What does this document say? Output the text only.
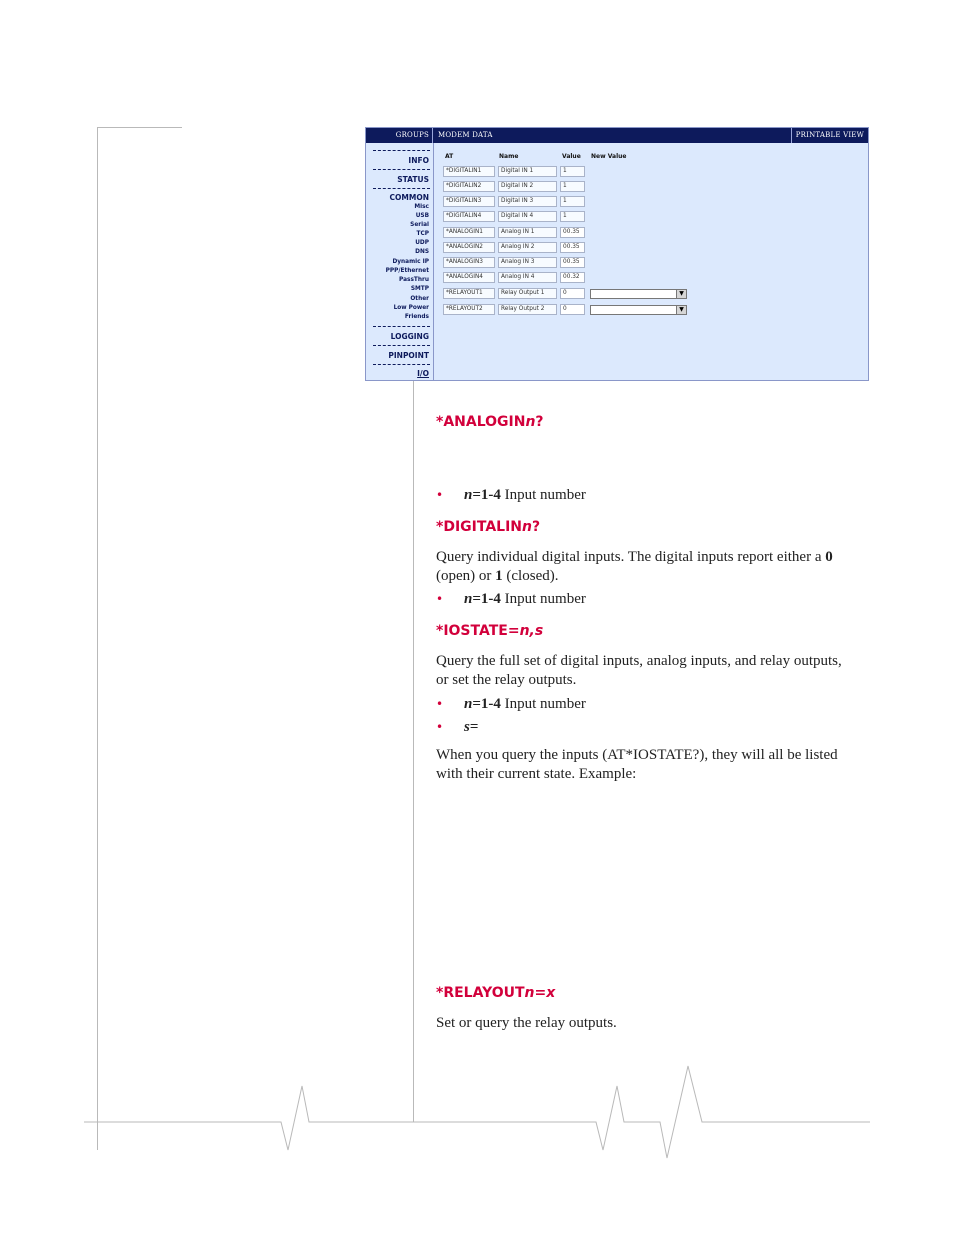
GROUPS	MODEM DATA	PRINTABLE VIEW
INFO
STATUS
COMMON
Misc
USB
Serial
TCP
UDP
DNS
Dynamic IP
PPP/Ethernet
PassThru
SMTP
Other
Low Power
Friends
LOGGING
PINPOINT
I/O
AT	Name	Value New Value
*DIGITALIN1	Digital IN 1	1
*DIGITALIN2	Digital IN 2	1
*DIGITALIN3	Digital IN 3	1
*DIGITALIN4	Digital IN 4	1
*ANALOGIN1	Analog IN 1	00.35
*ANALOGIN2	Analog IN 2	00.35
*ANALOGIN3	Analog IN 3	00.35
*ANALOGIN4	Analog IN 4	00.32
*RELAYOUT1	Relay Output 1	0	▼
*RELAYOUT2	Relay Output 2	0	▼
*ANALOGINn?
• n=1-4 Input number
*DIGITALINn?
Query individual digital inputs. The digital inputs report either a 0 (open) or 1 (closed).
• n=1-4 Input number
*IOSTATE=n,s
Query the full set of digital inputs, analog inputs, and relay outputs, or set the relay outputs.
• n=1-4 Input number
• s=
When you query the inputs (AT*IOSTATE?), they will all be listed with their current state. Example:
*RELAYOUTn=x
Set or query the relay outputs.
